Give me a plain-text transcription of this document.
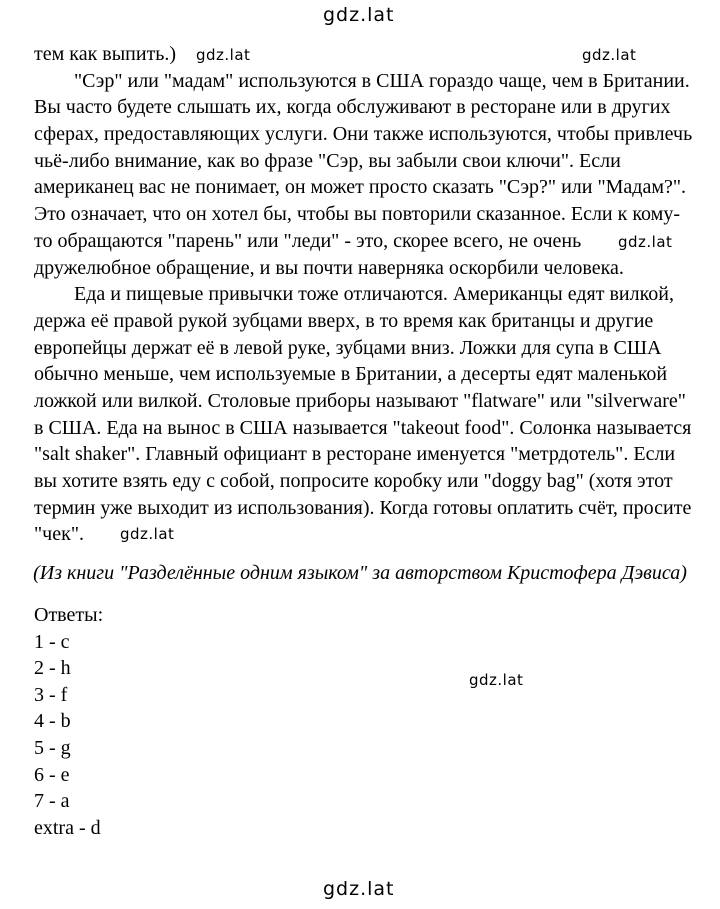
gdz.lat
тем как выпить.)
"Сэр" или "мадам" используются в США гораздо чаще, чем в Британии.
Вы часто будете слышать их, когда обслуживают в ресторане или в других
сферах, предоставляющих услуги. Они также используются, чтобы привлечь
чьё-либо внимание, как во фразе "Сэр, вы забыли свои ключи". Если
американец вас не понимает, он может просто сказать "Сэр?" или "Мадам?".
Это означает, что он хотел бы, чтобы вы повторили сказанное. Если к кому-
то обращаются "парень" или "леди" - это, скорее всего, не очень
дружелюбное обращение, и вы почти наверняка оскорбили человека.
Еда и пищевые привычки тоже отличаются. Американцы едят вилкой,
держа её правой рукой зубцами вверх, в то время как британцы и другие
европейцы держат её в левой руке, зубцами вниз. Ложки для супа в США
обычно меньше, чем используемые в Британии, а десерты едят маленькой
ложкой или вилкой. Столовые приборы называют "flatware" или "silverware"
в США. Еда на вынос в США называется "takeout food". Солонка называется
"salt shaker". Главный официант в ресторане именуется "метрдотель". Если
вы хотите взять еду с собой, попросите коробку или "doggy bag" (хотя этот
термин уже выходит из использования). Когда готовы оплатить счёт, просите
"чек".
gdz.lat	gdz.lat
gdz.lat
gdz.lat
(Из книги "Разделённые одним языком" за авторством Кристофера Дэвиса)
Ответы:
1 - c
2 - h
3 - f
4 - b
5 - g
6 - e
7 - a
extra - d
gdz.lat
gdz.lat
